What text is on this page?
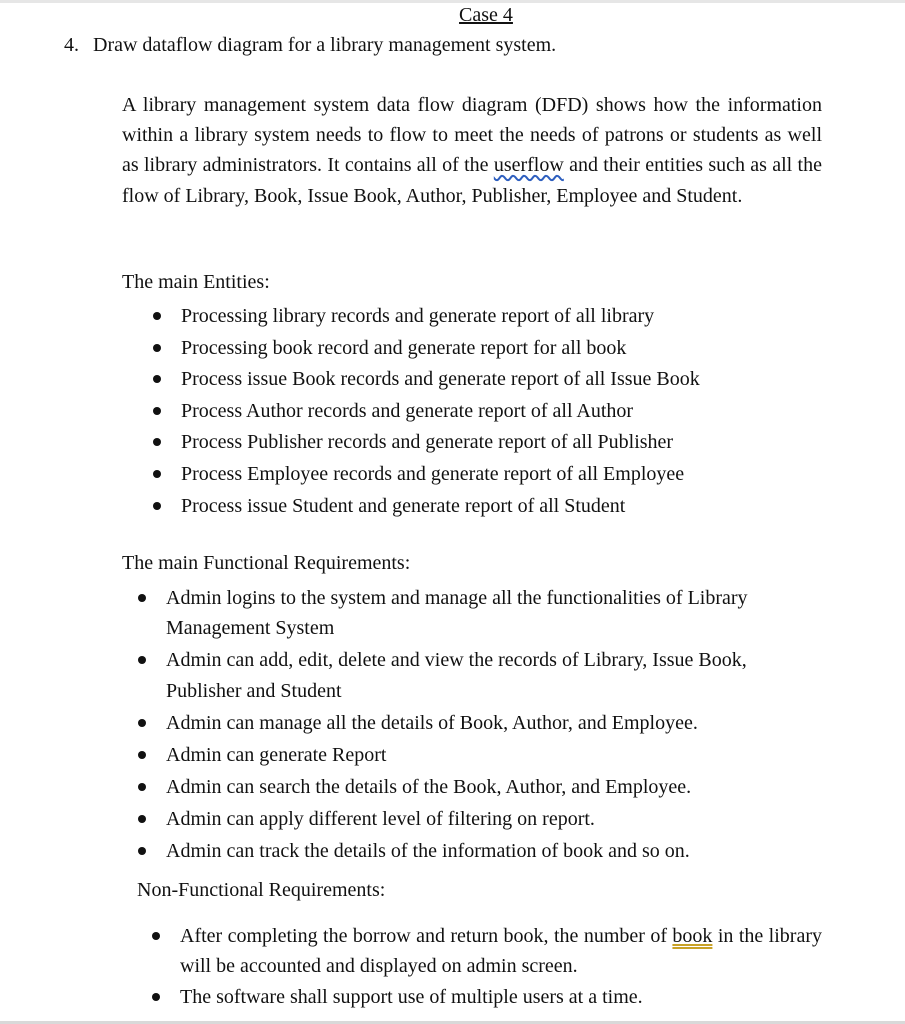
Case 4
4. Draw dataflow diagram for a library management system.

A library management system data flow diagram (DFD) shows how the information within a library system needs to flow to meet the needs of patrons or students as well as library administrators. It contains all of the userflow and their entities such as all the flow of Library, Book, Issue Book, Author, Publisher, Employee and Student.

The main Entities:

Processing library records and generate report of all library
Processing book record and generate report for all book
Process issue Book records and generate report of all Issue Book
Process Author records and generate report of all Author
Process Publisher records and generate report of all Publisher
Process Employee records and generate report of all Employee
Process issue Student and generate report of all Student

The main Functional Requirements:

Admin logins to the system and manage all the functionalities of Library Management System
Admin can add, edit, delete and view the records of Library, Issue Book, Publisher and Student
Admin can manage all the details of Book, Author, and Employee.
Admin can generate Report
Admin can search the details of the Book, Author, and Employee.
Admin can apply different level of filtering on report.
Admin can track the details of the information of book and so on.

Non-Functional Requirements:

After completing the borrow and return book, the number of book in the library will be accounted and displayed on admin screen.
The software shall support use of multiple users at a time.
